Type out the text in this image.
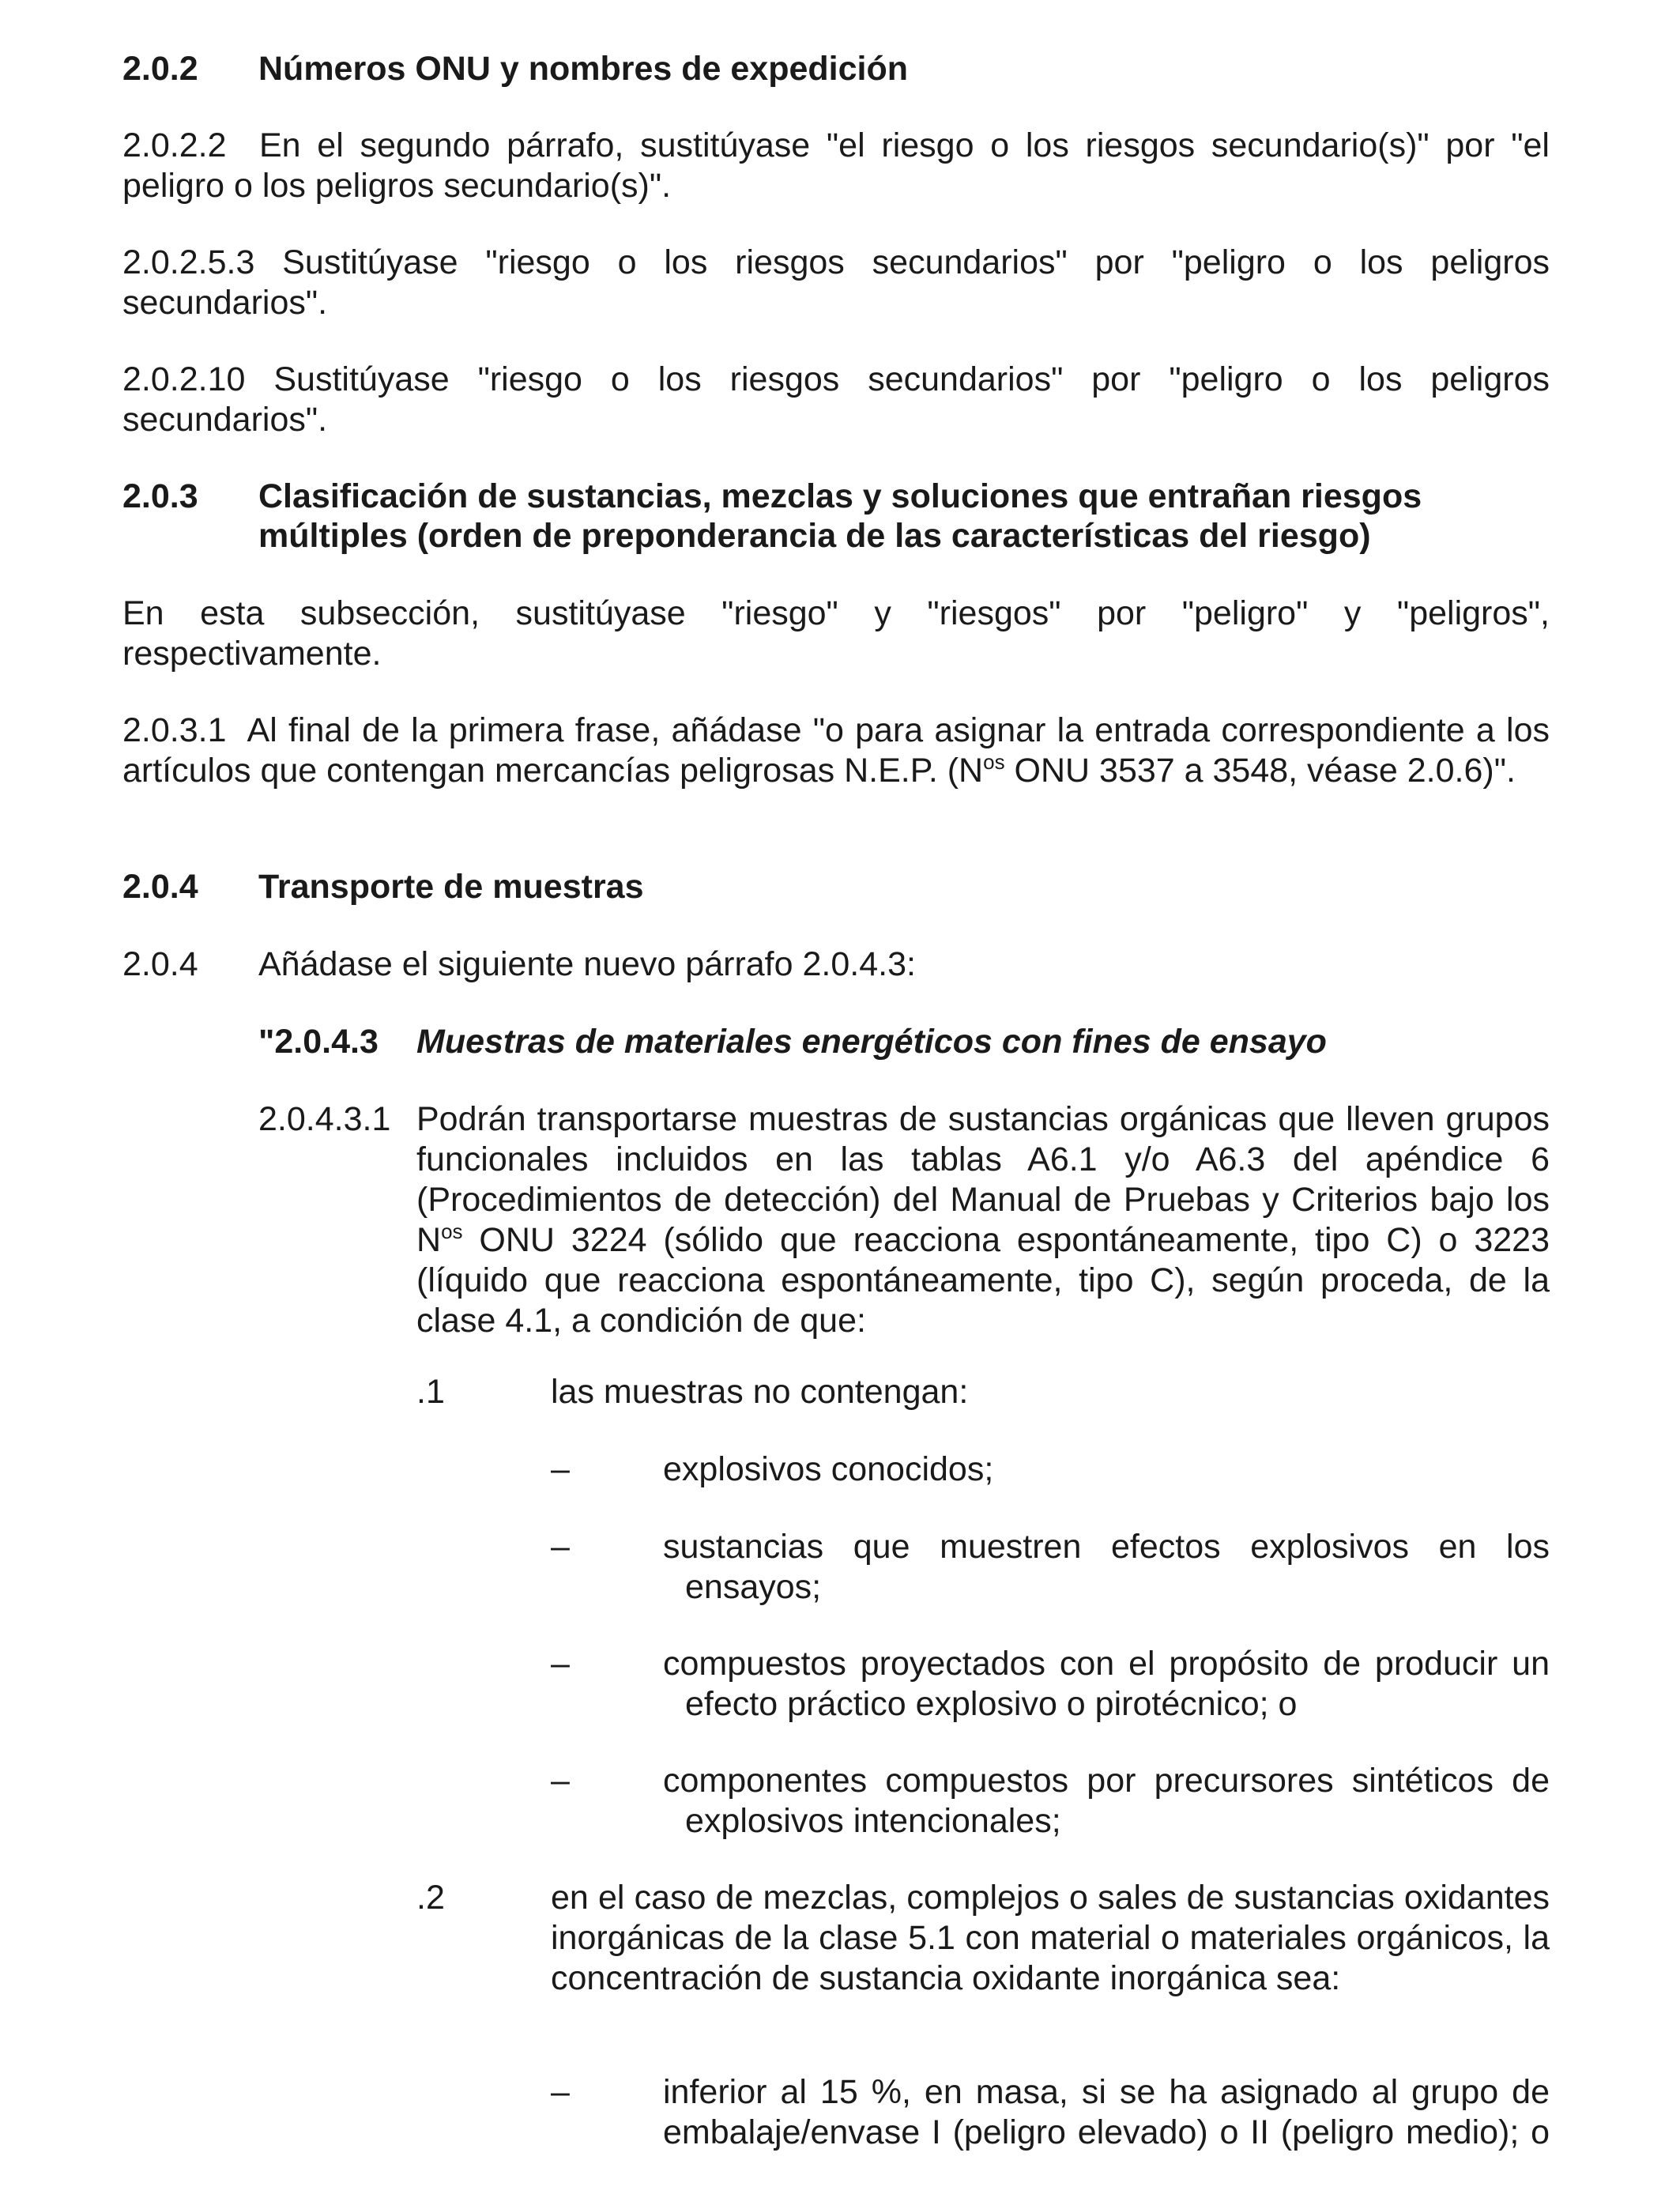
2.0.2 Números ONU y nombres de expedición
2.0.2.2 En el segundo párrafo, sustitúyase "el riesgo o los riesgos secundario(s)" por "el peligro o los peligros secundario(s)".
2.0.2.5.3 Sustitúyase "riesgo o los riesgos secundarios" por "peligro o los peligros secundarios".
2.0.2.10 Sustitúyase "riesgo o los riesgos secundarios" por "peligro o los peligros secundarios".
2.0.3 Clasificación de sustancias, mezclas y soluciones que entrañan riesgos
múltiples (orden de preponderancia de las características del riesgo)
En esta subsección, sustitúyase "riesgo" y "riesgos" por "peligro" y "peligros", respectivamente.
2.0.3.1 Al final de la primera frase, añádase "o para asignar la entrada correspondiente a los artículos que contengan mercancías peligrosas N.E.P. ($N^{os}$ ONU 3537 a 3548, véase 2.0.6)".
2.0.4 Transporte de muestras
2.0.4 Añádase el siguiente nuevo párrafo 2.0.4.3:
"2.0.4.3 Muestras de materiales energéticos con fines de ensayo
2.0.4.3.1 Podrán transportarse muestras de sustancias orgánicas que lleven grupos funcionales incluidos en las tablas A6.1 y/o A6.3 del apéndice 6 (Procedimientos de detección) del Manual de Pruebas y Criterios bajo los $N^{os}$ ONU 3224 (sólido que reacciona espontáneamente, tipo C) o 3223 (líquido que reacciona espontáneamente, tipo C), según proceda, de la clase 4.1, a condición de que:
.1	las muestras no contengan:
–	explosivos conocidos;
–	sustancias que muestren efectos explosivos en los
ensayos;
–	compuestos proyectados con el propósito de producir un
efecto práctico explosivo o pirotécnico; o
–	componentes compuestos por precursores sintéticos de
explosivos intencionales;
.2	en el caso de mezclas, complejos o sales de sustancias oxidantes inorgánicas de la clase 5.1 con material o materiales orgánicos, la concentración de sustancia oxidante inorgánica sea:
–	inferior al 15 %, en masa, si se ha asignado al grupo de
embalaje/envase I (peligro elevado) o II (peligro medio); o
